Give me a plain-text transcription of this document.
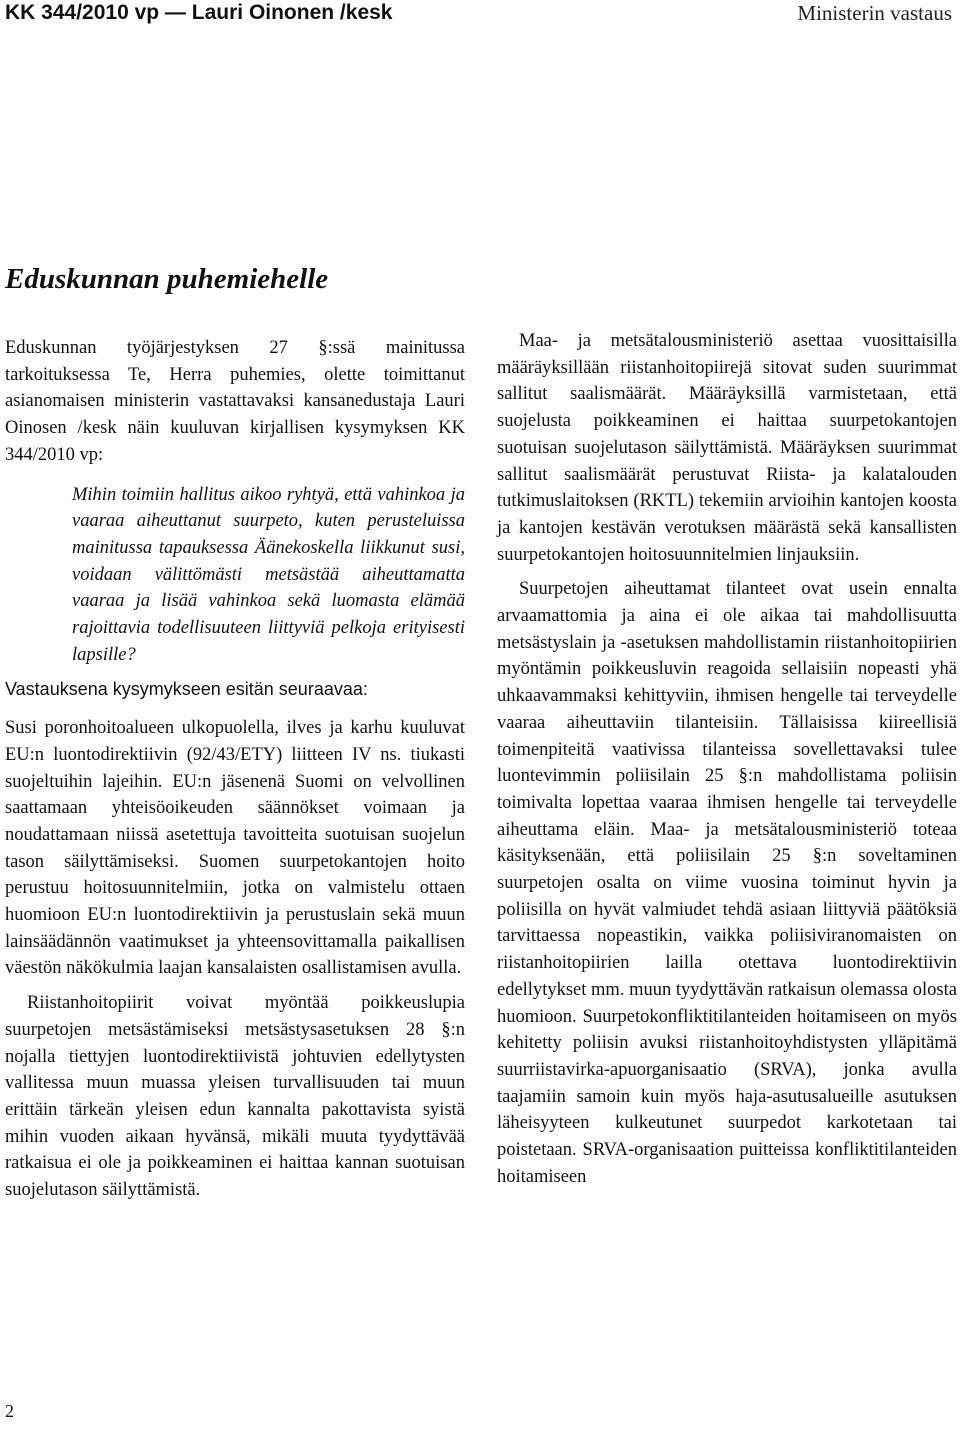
KK 344/2010 vp — Lauri Oinonen /kesk	Ministerin vastaus
Eduskunnan puhemiehelle

Eduskunnan työjärjestyksen 27 §:ssä mainitussa tarkoituksessa Te, Herra puhemies, olette toimittanut asianomaisen ministerin vastattavaksi kansanedustaja Lauri Oinosen /kesk näin kuuluvan kirjallisen kysymyksen KK 344/2010 vp:

Mihin toimiin hallitus aikoo ryhtyä, että vahinkoa ja vaaraa aiheuttanut suurpeto, kuten perusteluissa mainitussa tapauksessa Äänekoskella liikkunut susi, voidaan välittömästi metsästää aiheuttamatta vaaraa ja lisää vahinkoa sekä luomasta elämää rajoittavia todellisuuteen liittyviä pelkoja erityisesti lapsille?

Vastauksena kysymykseen esitän seuraavaa:

Susi poronhoitoalueen ulkopuolella, ilves ja karhu kuuluvat EU:n luontodirektiivin (92/43/ETY) liitteen IV ns. tiukasti suojeltuihin lajeihin. EU:n jäsenenä Suomi on velvollinen saattamaan yhteisöoikeuden säännökset voimaan ja noudattamaan niissä asetettuja tavoitteita suotuisan suojelun tason säilyttämiseksi. Suomen suurpetokantojen hoito perustuu hoitosuunnitelmiin, jotka on valmistelu ottaen huomioon EU:n luontodirektiivin ja perustuslain sekä muun lainsäädännön vaatimukset ja yhteensovittamalla paikallisen väestön näkökulmia laajan kansalaisten osallistamisen avulla.

Riistanhoitopiirit voivat myöntää poikkeuslupia suurpetojen metsästämiseksi metsästysasetuksen 28 §:n nojalla tiettyjen luontodirektiivistä johtuvien edellytysten vallitessa muun muassa yleisen turvallisuuden tai muun erittäin tärkeän yleisen edun kannalta pakottavista syistä mihin vuoden aikaan hyvänsä, mikäli muuta tyydyttävää ratkaisua ei ole ja poikkeaminen ei haittaa kannan suotuisan suojelutason säilyttämistä.

Maa- ja metsätalousministeriö asettaa vuosittaisilla määräyksillään riistanhoitopiirejä sitovat suden suurimmat sallitut saalismäärät. Määräyksillä varmistetaan, että suojelusta poikkeaminen ei haittaa suurpetokantojen suotuisan suojelutason säilyttämistä. Määräyksen suurimmat sallitut saalismäärät perustuvat Riista- ja kalatalouden tutkimuslaitoksen (RKTL) tekemiin arvioihin kantojen koosta ja kantojen kestävän verotuksen määrästä sekä kansallisten suurpetokantojen hoitosuunnitelmien linjauksiin.

Suurpetojen aiheuttamat tilanteet ovat usein ennalta arvaamattomia ja aina ei ole aikaa tai mahdollisuutta metsästyslain ja -asetuksen mahdollistamin riistanhoitopiirien myöntämin poikkeusluvin reagoida sellaisiin nopeasti yhä uhkaavammaksi kehittyviin, ihmisen hengelle tai terveydelle vaaraa aiheuttaviin tilanteisiin. Tällaisissa kiireellisiä toimenpiteitä vaativissa tilanteissa sovellettavaksi tulee luontevimmin poliisilain 25 §:n mahdollistama poliisin toimivalta lopettaa vaaraa ihmisen hengelle tai terveydelle aiheuttama eläin. Maa- ja metsätalousministeriö toteaa käsityksenään, että poliisilain 25 §:n soveltaminen suurpetojen osalta on viime vuosina toiminut hyvin ja poliisilla on hyvät valmiudet tehdä asiaan liittyviä päätöksiä tarvittaessa nopeastikin, vaikka poliisiviranomaisten on riistanhoitopiirien lailla otettava luontodirektiivin edellytykset mm. muun tyydyttävän ratkaisun olemassa olosta huomioon. Suurpetokonfliktitilanteiden hoitamiseen on myös kehitetty poliisin avuksi riistanhoitoyhdistysten ylläpitämä suurriistavirka-apuorganisaatio (SRVA), jonka avulla taajamiin samoin kuin myös haja-asutusalueille asutuksen läheisyyteen kulkeutunet suurpedot karkotetaan tai poistetaan. SRVA-organisaation puitteissa konfliktitilanteiden hoitamiseen

2
